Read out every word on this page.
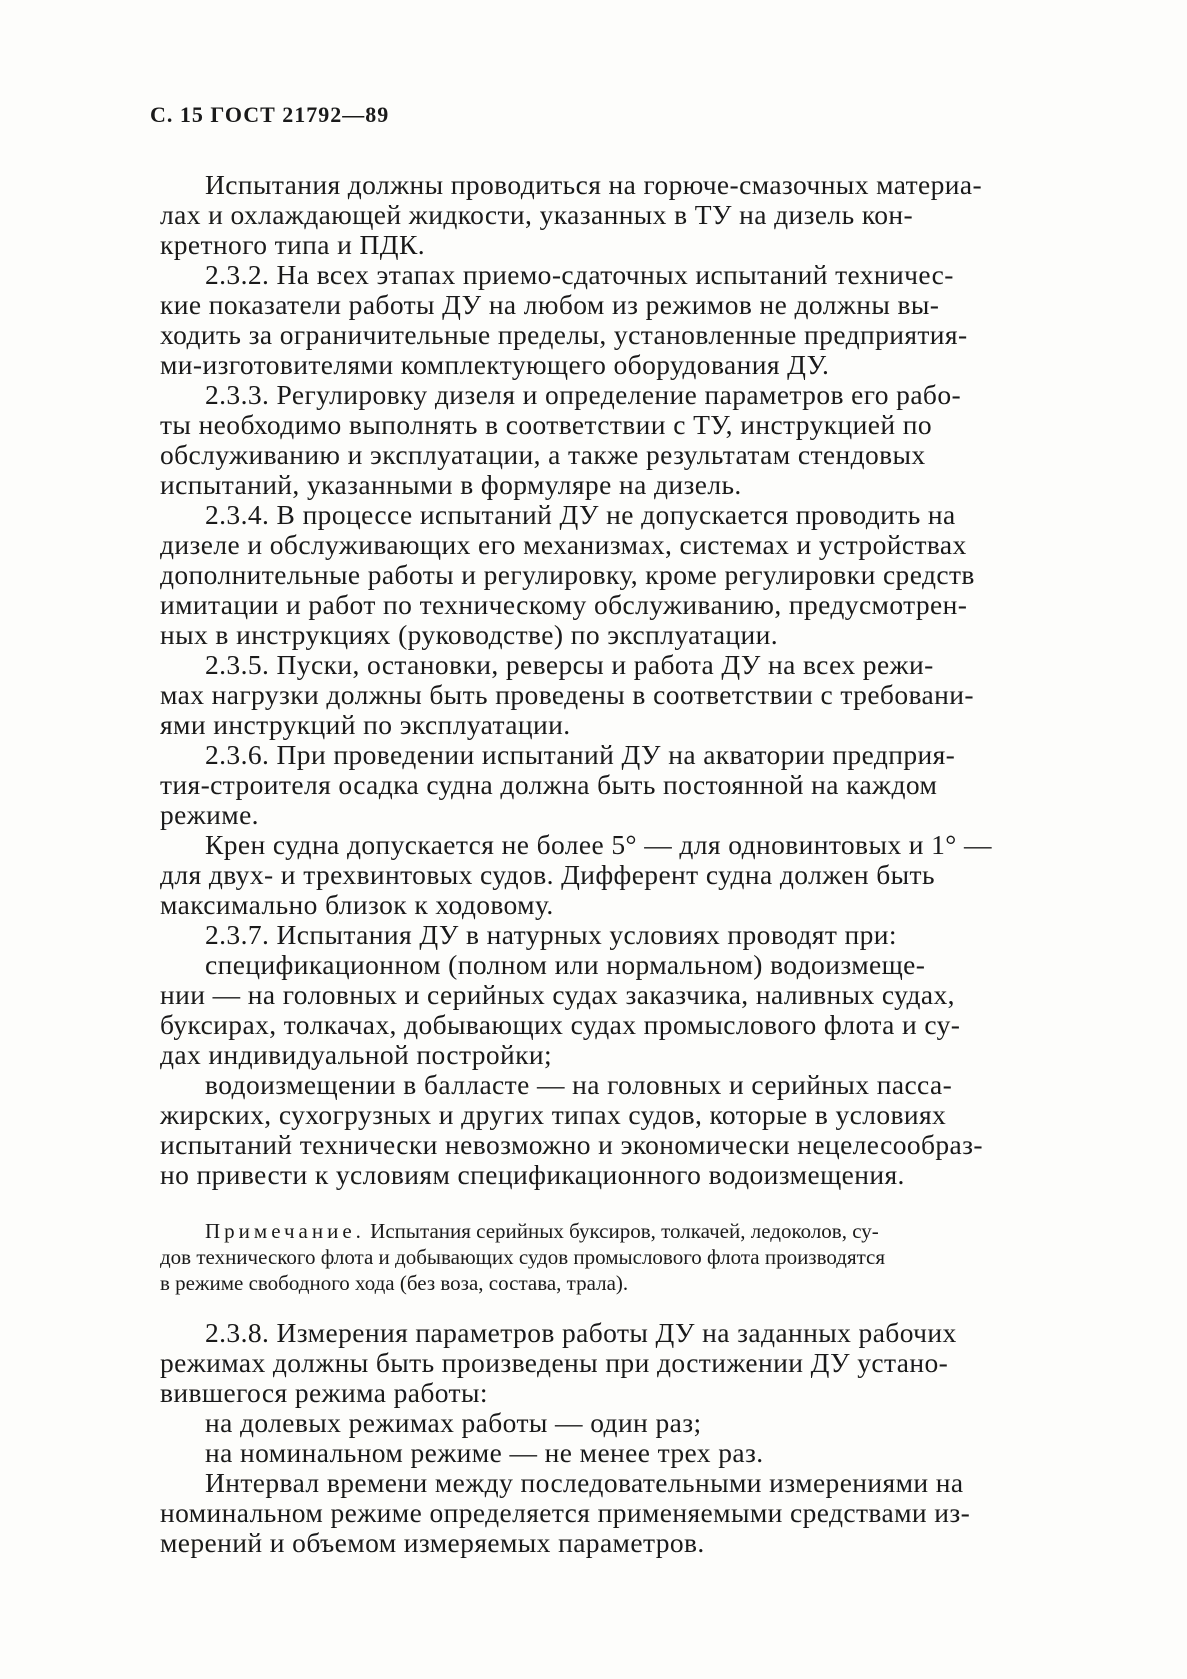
С. 15 ГОСТ 21792—89
Испытания должны проводиться на горюче-смазочных материа-
лах и охлаждающей жидкости, указанных в ТУ на дизель кон-
кретного типа и ПДК.
2.3.2. На всех этапах приемо-сдаточных испытаний техничес-
кие показатели работы ДУ на любом из режимов не должны вы-
ходить за ограничительные пределы, установленные предприятия-
ми-изготовителями комплектующего оборудования ДУ.
2.3.3. Регулировку дизеля и определение параметров его рабо-
ты необходимо выполнять в соответствии с ТУ, инструкцией по
обслуживанию и эксплуатации, а также результатам стендовых
испытаний, указанными в формуляре на дизель.
2.3.4. В процессе испытаний ДУ не допускается проводить на
дизеле и обслуживающих его механизмах, системах и устройствах
дополнительные работы и регулировку, кроме регулировки средств
имитации и работ по техническому обслуживанию, предусмотрен-
ных в инструкциях (руководстве) по эксплуатации.
2.3.5. Пуски, остановки, реверсы и работа ДУ на всех режи-
мах нагрузки должны быть проведены в соответствии с требовани-
ями инструкций по эксплуатации.
2.3.6. При проведении испытаний ДУ на акватории предприя-
тия-строителя осадка судна должна быть постоянной на каждом
режиме.
Крен судна допускается не более 5° — для одновинтовых и 1° —
для двух- и трехвинтовых судов. Дифферент судна должен быть
максимально близок к ходовому.
2.3.7. Испытания ДУ в натурных условиях проводят при:
спецификационном (полном или нормальном) водоизмеще-
нии — на головных и серийных судах заказчика, наливных судах,
буксирах, толкачах, добывающих судах промыслового флота и су-
дах индивидуальной постройки;
водоизмещении в балласте — на головных и серийных пасса-
жирских, сухогрузных и других типах судов, которые в условиях
испытаний технически невозможно и экономически нецелесообраз-
но привести к условиям спецификационного водоизмещения.
Примечание. Испытания серийных буксиров, толкачей, ледоколов, су-
дов технического флота и добывающих судов промыслового флота производятся
в режиме свободного хода (без воза, состава, трала).
2.3.8. Измерения параметров работы ДУ на заданных рабочих
режимах должны быть произведены при достижении ДУ устано-
вившегося режима работы:
на долевых режимах работы — один раз;
на номинальном режиме — не менее трех раз.
Интервал времени между последовательными измерениями на
номинальном режиме определяется применяемыми средствами из-
мерений и объемом измеряемых параметров.
